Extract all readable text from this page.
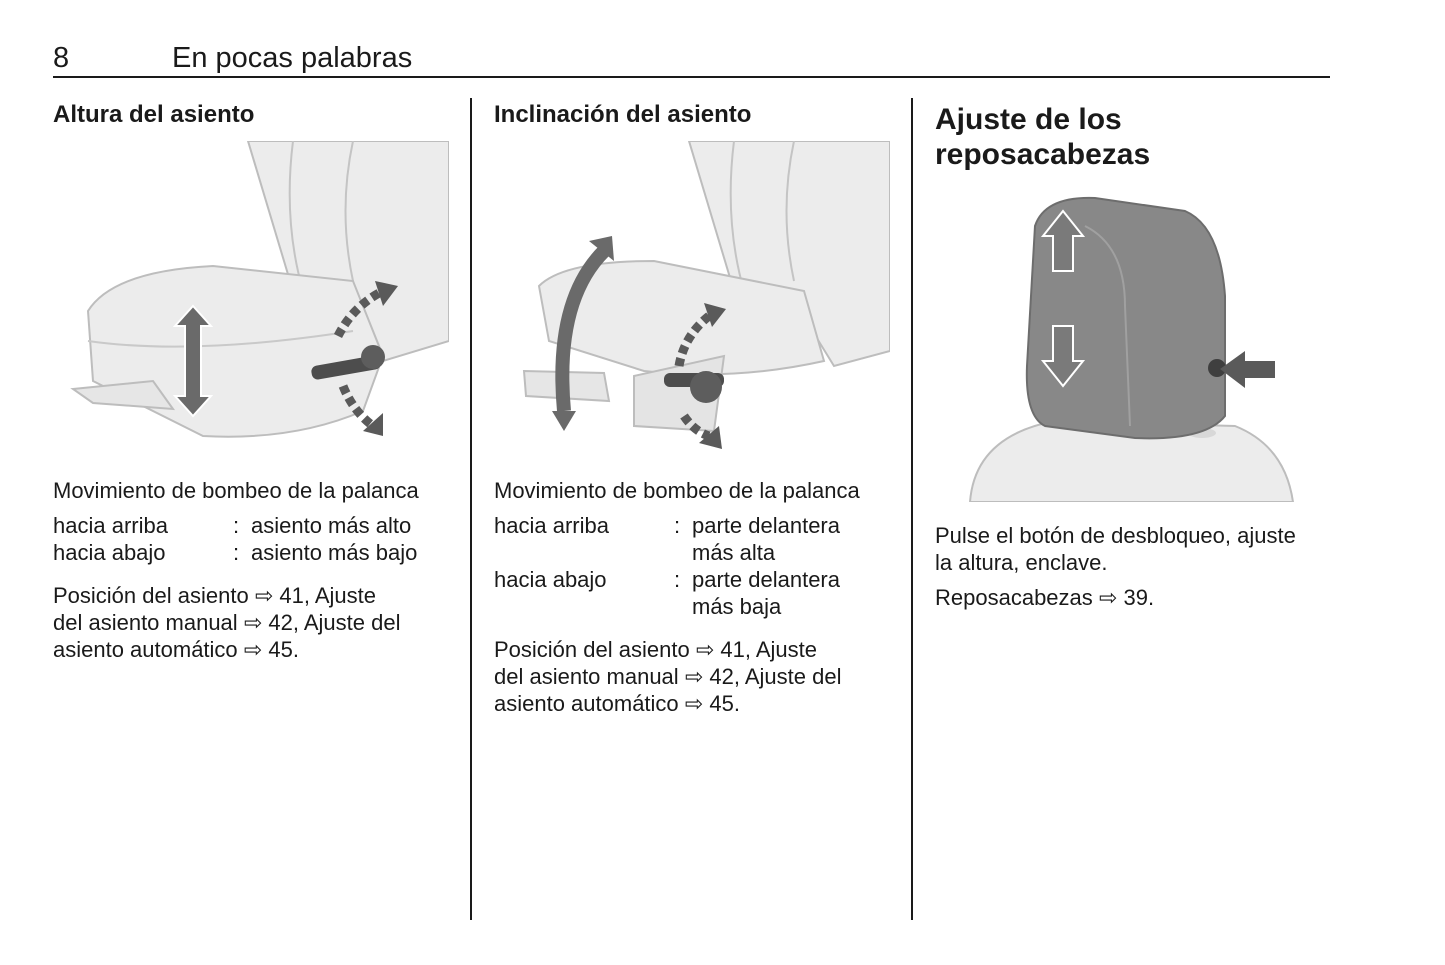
8	En pocas palabras
Altura del asiento

Movimiento de bombeo de la palanca

hacia arriba	: asiento más alto
hacia abajo	: asiento más bajo

Posición del asiento ⇨ 41, Ajuste
del asiento manual ⇨ 42, Ajuste del
asiento automático ⇨ 45.

Inclinación del asiento

Movimiento de bombeo de la palanca

hacia arriba	: parte delantera
más alta
hacia abajo	: parte delantera
más baja

Posición del asiento ⇨ 41, Ajuste
del asiento manual ⇨ 42, Ajuste del
asiento automático ⇨ 45.

Ajuste de los
reposacabezas

Pulse el botón de desbloqueo, ajuste
la altura, enclave.

Reposacabezas ⇨ 39.
